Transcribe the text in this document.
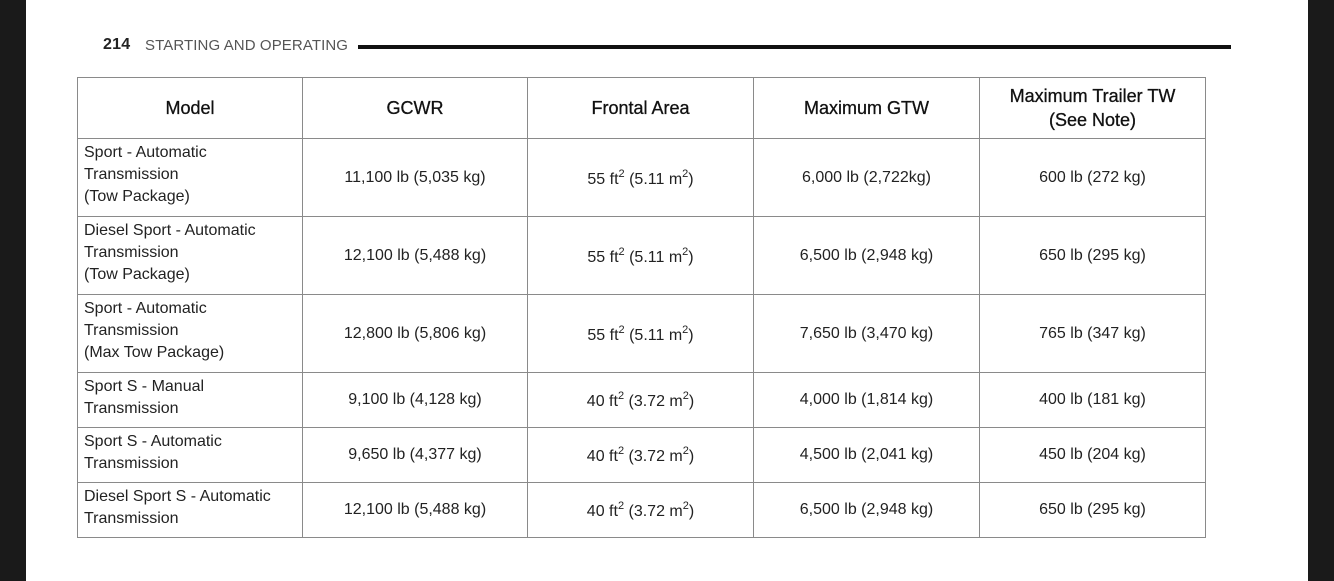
214 STARTING AND OPERATING
Model	GCWR	Frontal Area	Maximum GTW	Maximum Trailer TW
(See Note)

Sport - Automatic
Transmission
(Tow Package)	11,100 lb (5,035 kg)	55 $ft^2$ (5.11 $m^2$)	6,000 lb (2,722kg)	600 lb (272 kg)

Diesel Sport - Automatic
Transmission
(Tow Package)	12,100 lb (5,488 kg)	55 $ft^2$ (5.11 $m^2$)	6,500 lb (2,948 kg)	650 lb (295 kg)

Sport - Automatic
Transmission
(Max Tow Package)	12,800 lb (5,806 kg)	55 $ft^2$ (5.11 $m^2$)	7,650 lb (3,470 kg)	765 lb (347 kg)

Sport S - Manual
Transmission	9,100 lb (4,128 kg)	40 $ft^2$ (3.72 $m^2$)	4,000 lb (1,814 kg)	400 lb (181 kg)

Sport S - Automatic
Transmission	9,650 lb (4,377 kg)	40 $ft^2$ (3.72 $m^2$)	4,500 lb (2,041 kg)	450 lb (204 kg)

Diesel Sport S - Automatic
Transmission	12,100 lb (5,488 kg)	40 $ft^2$ (3.72 $m^2$)	6,500 lb (2,948 kg)	650 lb (295 kg)
